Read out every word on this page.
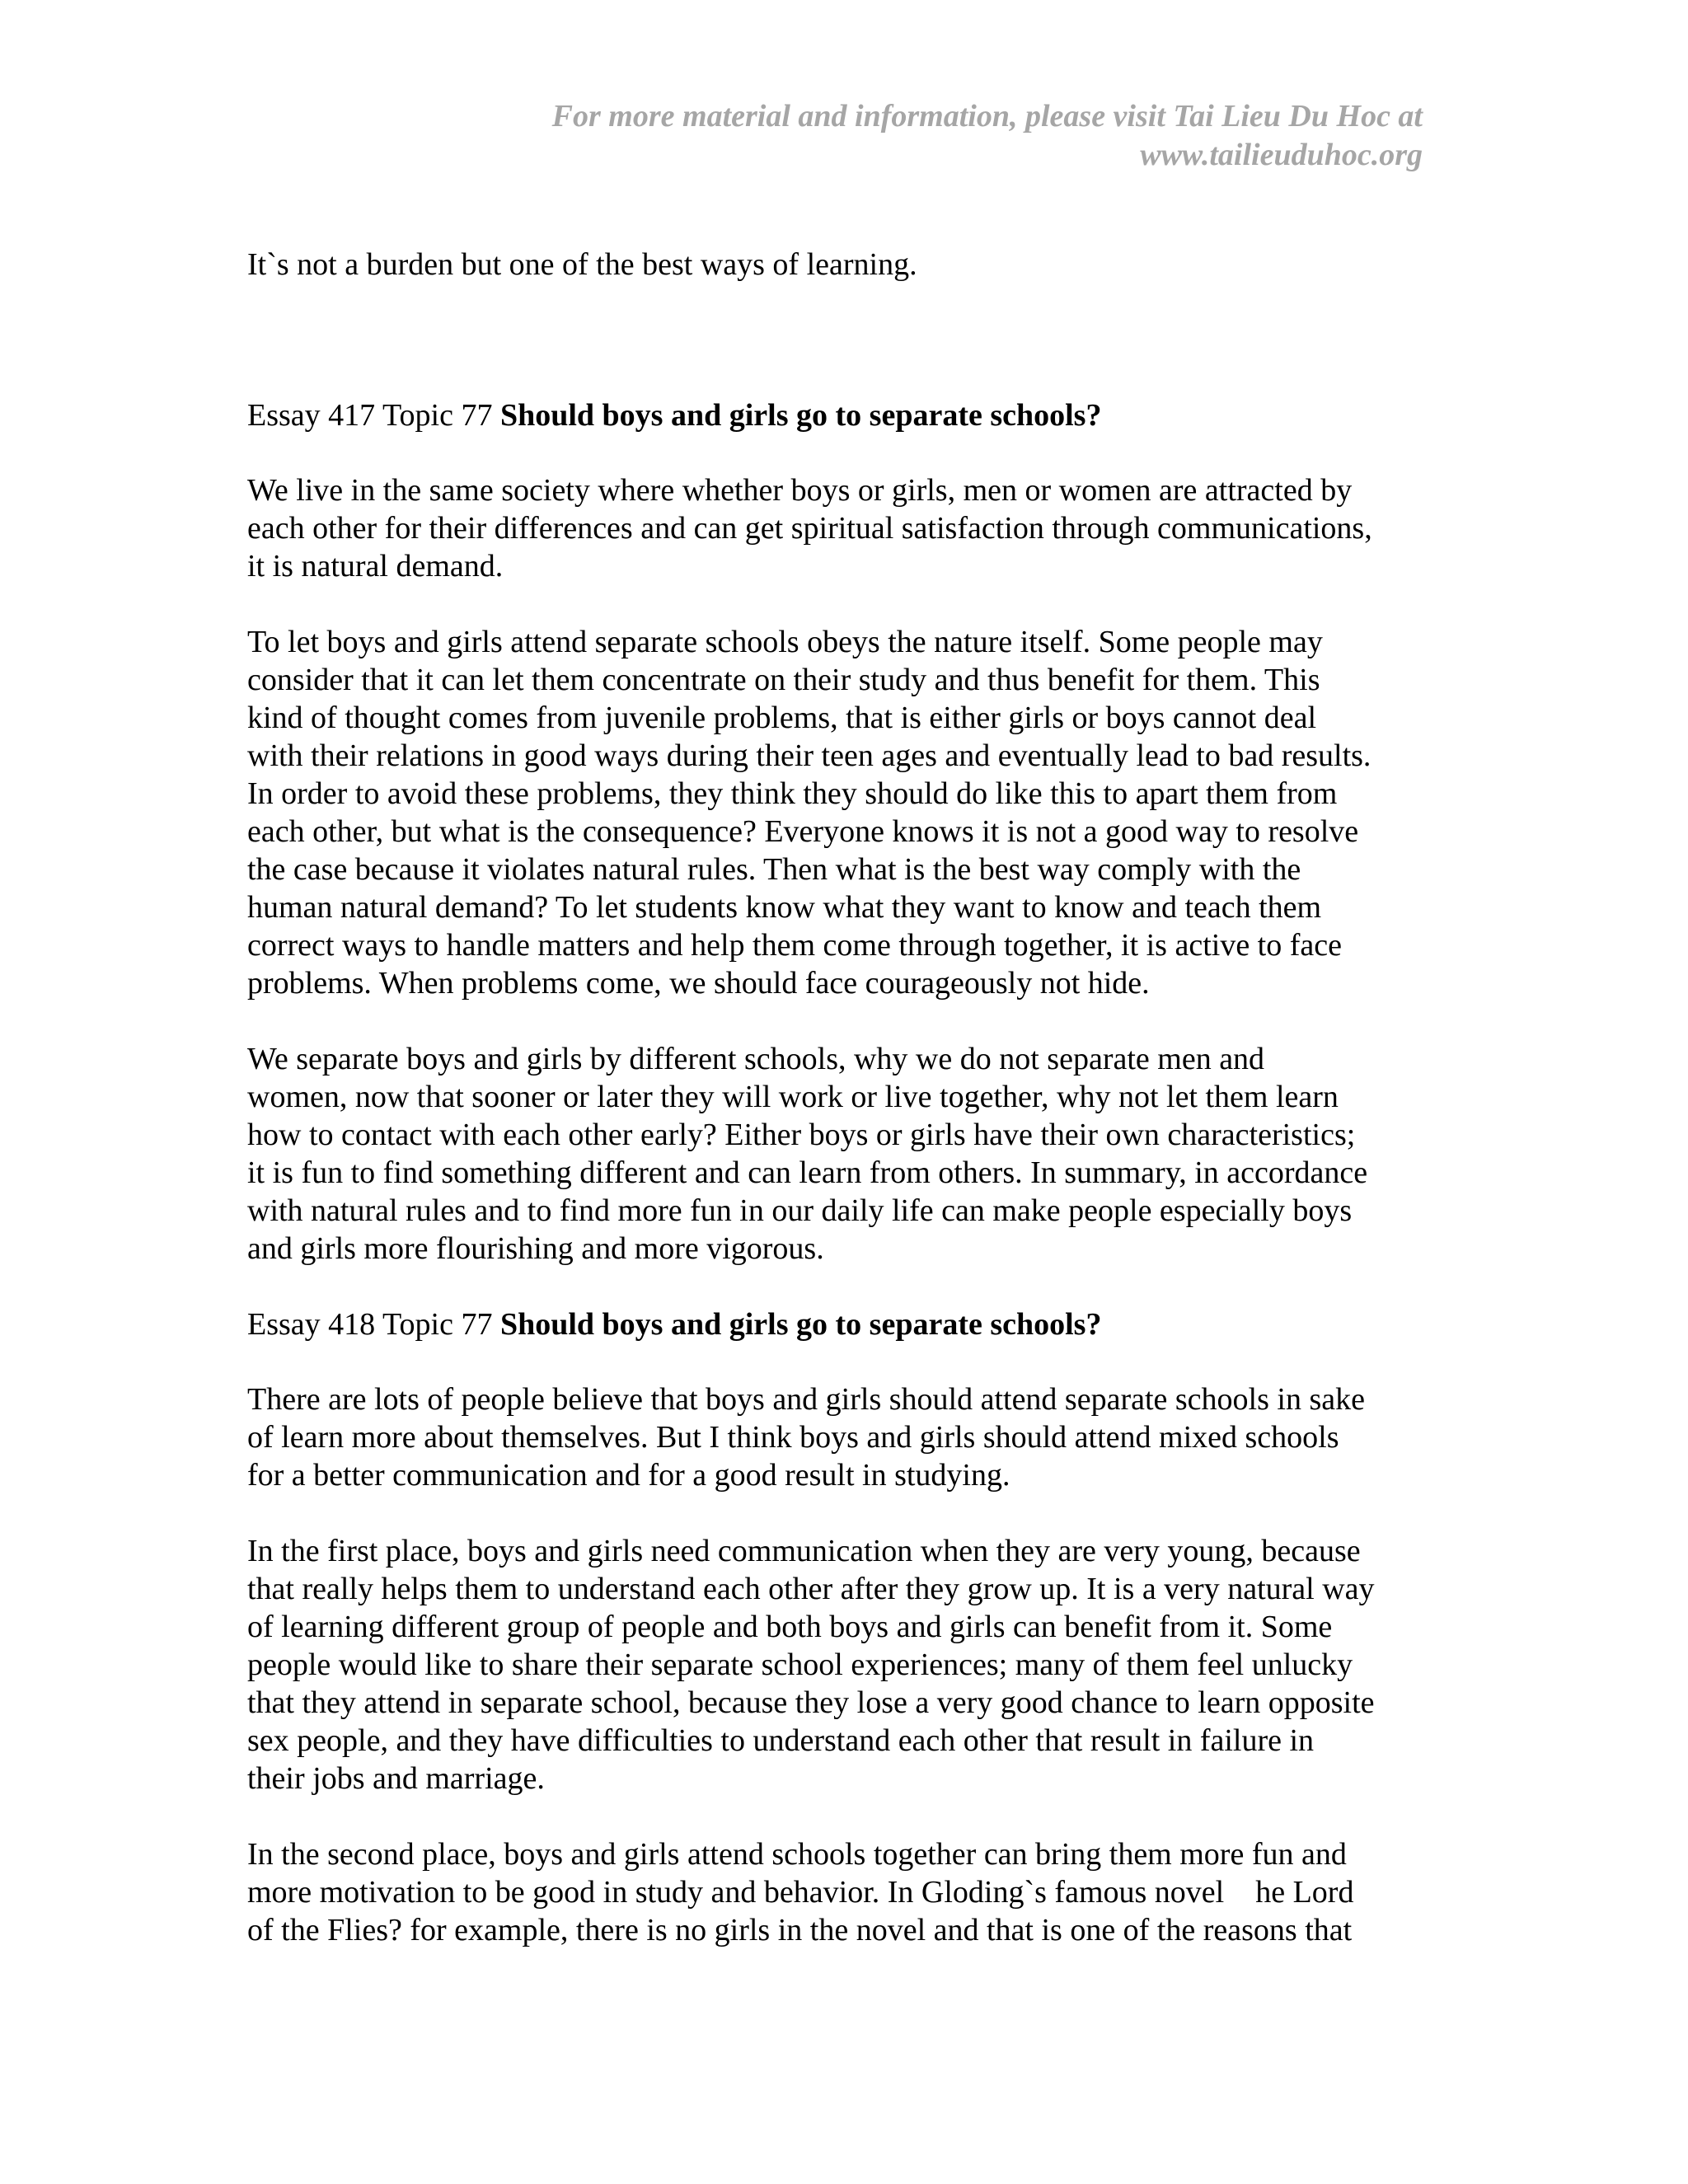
For more material and information, please visit Tai Lieu Du Hoc at
www.tailieuduhoc.org
It`s not a burden but one of the best ways of learning.
Essay 417 Topic 77 Should boys and girls go to separate schools?
We live in the same society where whether boys or girls, men or women are attracted by
each other for their differences and can get spiritual satisfaction through communications,
it is natural demand.
To let boys and girls attend separate schools obeys the nature itself. Some people may
consider that it can let them concentrate on their study and thus benefit for them. This
kind of thought comes from juvenile problems, that is either girls or boys cannot deal
with their relations in good ways during their teen ages and eventually lead to bad results.
In order to avoid these problems, they think they should do like this to apart them from
each other, but what is the consequence? Everyone knows it is not a good way to resolve
the case because it violates natural rules. Then what is the best way comply with the
human natural demand? To let students know what they want to know and teach them
correct ways to handle matters and help them come through together, it is active to face
problems. When problems come, we should face courageously not hide.
We separate boys and girls by different schools, why we do not separate men and
women, now that sooner or later they will work or live together, why not let them learn
how to contact with each other early? Either boys or girls have their own characteristics;
it is fun to find something different and can learn from others. In summary, in accordance
with natural rules and to find more fun in our daily life can make people especially boys
and girls more flourishing and more vigorous.
Essay 418 Topic 77 Should boys and girls go to separate schools?
There are lots of people believe that boys and girls should attend separate schools in sake
of learn more about themselves. But I think boys and girls should attend mixed schools
for a better communication and for a good result in studying.
In the first place, boys and girls need communication when they are very young, because
that really helps them to understand each other after they grow up. It is a very natural way
of learning different group of people and both boys and girls can benefit from it. Some
people would like to share their separate school experiences; many of them feel unlucky
that they attend in separate school, because they lose a very good chance to learn opposite
sex people, and they have difficulties to understand each other that result in failure in
their jobs and marriage.
In the second place, boys and girls attend schools together can bring them more fun and
more motivation to be good in study and behavior. In Gloding`s famous novel    he Lord
of the Flies? for example, there is no girls in the novel and that is one of the reasons that
